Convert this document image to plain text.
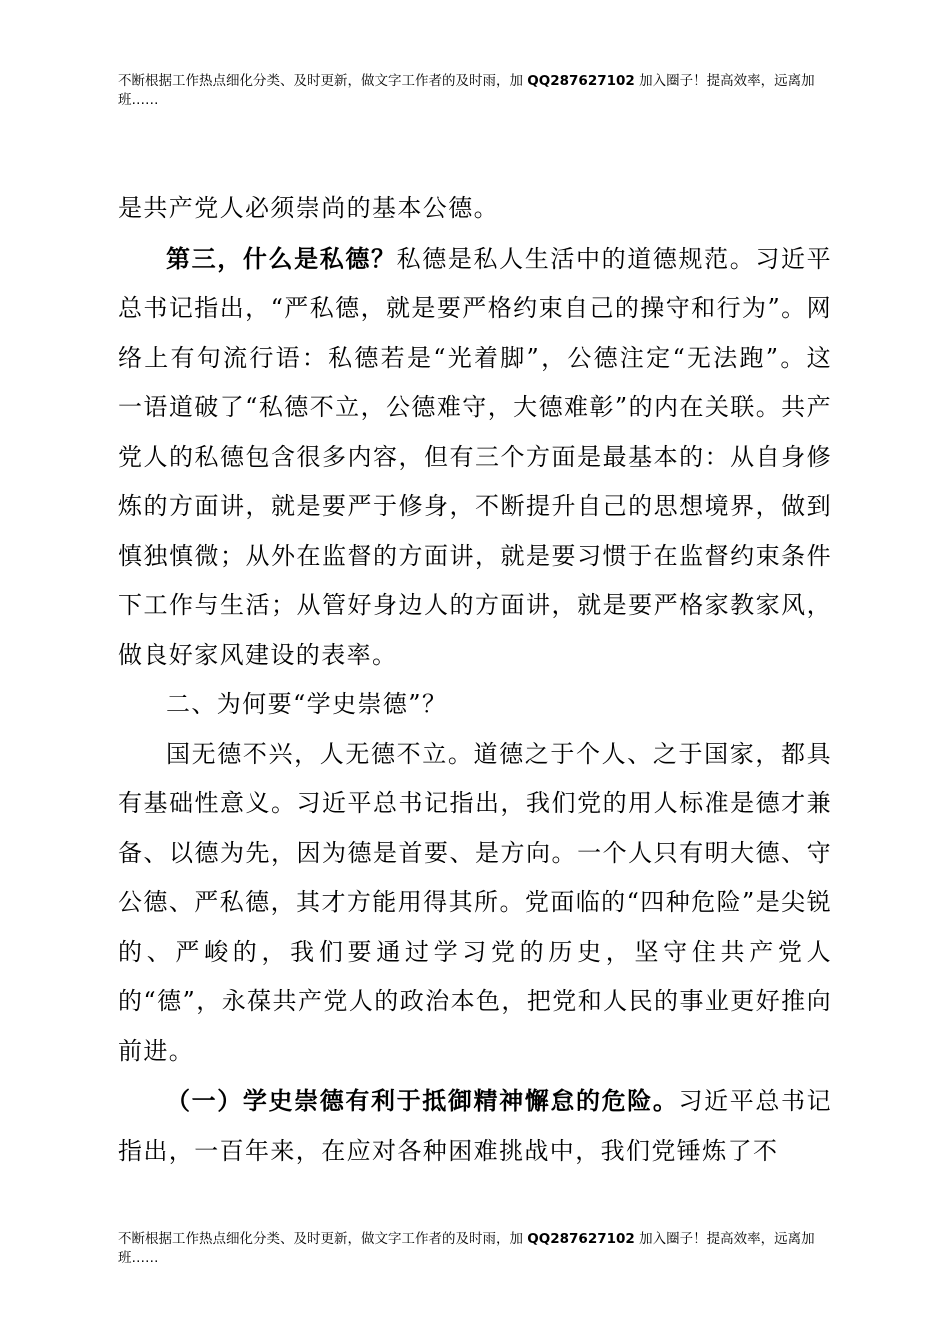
不断根据工作热点细化分类、及时更新，做文字工作者的及时雨，加 QQ287627102 加入圈子！提高效率，远离加班……

是共产党人必须崇尚的基本公德。

第三，什么是私德？私德是私人生活中的道德规范。习近平总书记指出，“严私德，就是要严格约束自己的操守和行为”。网络上有句流行语：私德若是“光着脚”，公德注定“无法跑”。这一语道破了“私德不立，公德难守，大德难彰”的内在关联。共产党人的私德包含很多内容，但有三个方面是最基本的：从自身修炼的方面讲，就是要严于修身，不断提升自己的思想境界，做到慎独慎微；从外在监督的方面讲，就是要习惯于在监督约束条件下工作与生活；从管好身边人的方面讲，就是要严格家教家风，做良好家风建设的表率。

二、为何要“学史崇德”？

国无德不兴，人无德不立。道德之于个人、之于国家，都具有基础性意义。习近平总书记指出，我们党的用人标准是德才兼备、以德为先，因为德是首要、是方向。一个人只有明大德、守公德、严私德，其才方能用得其所。党面临的“四种危险”是尖锐的、严峻的，我们要通过学习党的历史，坚守住共产党人的“德”，永葆共产党人的政治本色，把党和人民的事业更好推向前进。

（一）学史崇德有利于抵御精神懈怠的危险。习近平总书记指出，一百年来，在应对各种困难挑战中，我们党锤炼了不

不断根据工作热点细化分类、及时更新，做文字工作者的及时雨，加 QQ287627102 加入圈子！提高效率，远离加班……
